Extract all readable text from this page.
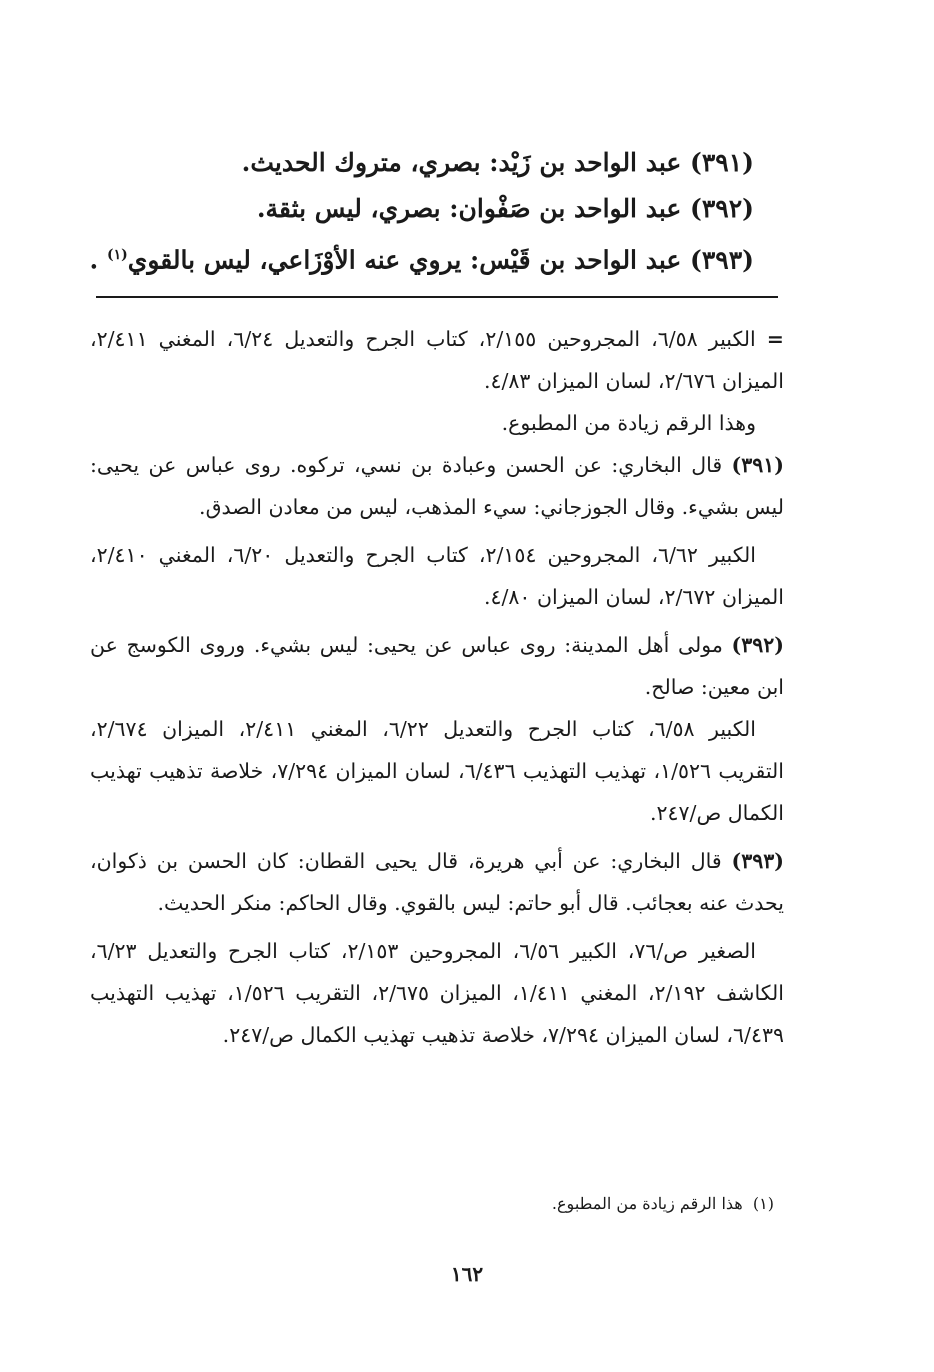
(٣٩١) عبد الواحد بن زَيْد: بصري، متروك الحديث.

(٣٩٢) عبد الواحد بن صَفْوان: بصري، ليس بثقة.

(٣٩٣) عبد الواحد بن قَيْس: يروي عنه الأوْزَاعي، ليس بالقوي$^{(١)}$ .

= الكبير ٦/٥٨، المجروحين ٢/١٥٥، كتاب الجرح والتعديل ٦/٢٤، المغني ٢/٤١١، الميزان ٢/٦٧٦، لسان الميزان ٤/٨٣.

وهذا الرقم زيادة من المطبوع.

(٣٩١) قال البخاري: عن الحسن وعبادة بن نسي، تركوه. روى عباس عن يحيى: ليس بشيء. وقال الجوزجاني: سيء المذهب، ليس من معادن الصدق.

الكبير ٦/٦٢، المجروحين ٢/١٥٤، كتاب الجرح والتعديل ٦/٢٠، المغني ٢/٤١٠، الميزان ٢/٦٧٢، لسان الميزان ٤/٨٠.

(٣٩٢) مولى أهل المدينة: روى عباس عن يحيى: ليس بشيء. وروى الكوسج عن ابن معين: صالح.

الكبير ٦/٥٨، كتاب الجرح والتعديل ٦/٢٢، المغني ٢/٤١١، الميزان ٢/٦٧٤، التقريب ١/٥٢٦، تهذيب التهذيب ٦/٤٣٦، لسان الميزان ٧/٢٩٤، خلاصة تذهيب تهذيب الكمال ص/٢٤٧.

(٣٩٣) قال البخاري: عن أبي هريرة، قال يحيى القطان: كان الحسن بن ذكوان، يحدث عنه بعجائب. قال أبو حاتم: ليس بالقوي. وقال الحاكم: منكر الحديث.

الصغير ص/٧٦، الكبير ٦/٥٦، المجروحين ٢/١٥٣، كتاب الجرح والتعديل ٦/٢٣، الكاشف ٢/١٩٢، المغني ١/٤١١، الميزان ٢/٦٧٥، التقريب ١/٥٢٦، تهذيب التهذيب ٦/٤٣٩، لسان الميزان ٧/٢٩٤، خلاصة تذهيب تهذيب الكمال ص/٢٤٧.

(١)  هذا الرقم زيادة من المطبوع.

١٦٢
